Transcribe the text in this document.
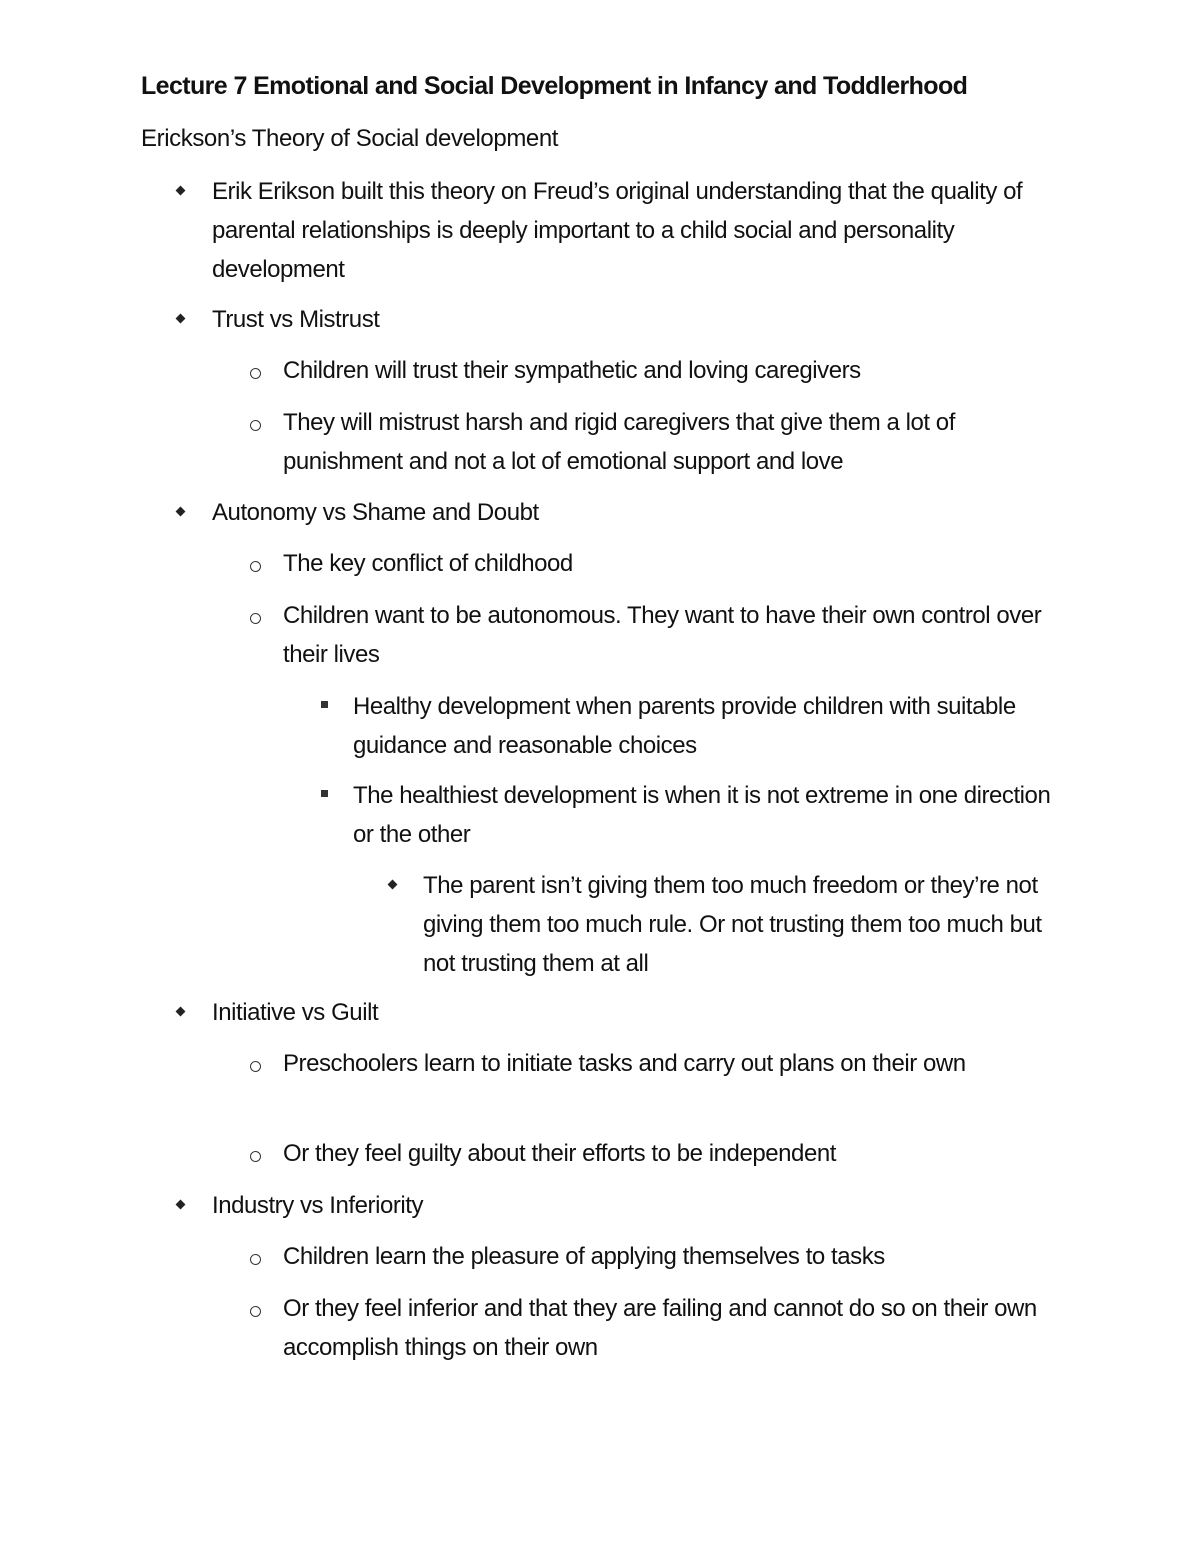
Lecture 7 Emotional and Social Development in Infancy and Toddlerhood
Erickson’s Theory of Social development
Erik Erikson built this theory on Freud’s original understanding that the quality of parental relationships is deeply important to a child social and personality development
Trust vs Mistrust
Children will trust their sympathetic and loving caregivers
They will mistrust harsh and rigid caregivers that give them a lot of punishment and not a lot of emotional support and love
Autonomy vs Shame and Doubt
The key conflict of childhood
Children want to be autonomous. They want to have their own control over their lives
Healthy development when parents provide children with suitable guidance and reasonable choices
The healthiest development is when it is not extreme in one direction or the other
The parent isn’t giving them too much freedom or they’re not giving them too much rule. Or not trusting them too much but not trusting them at all
Initiative vs Guilt
Preschoolers learn to initiate tasks and carry out plans on their own
Or they feel guilty about their efforts to be independent
Industry vs Inferiority
Children learn the pleasure of applying themselves to tasks
Or they feel inferior and that they are failing and cannot do so on their own accomplish things on their own
